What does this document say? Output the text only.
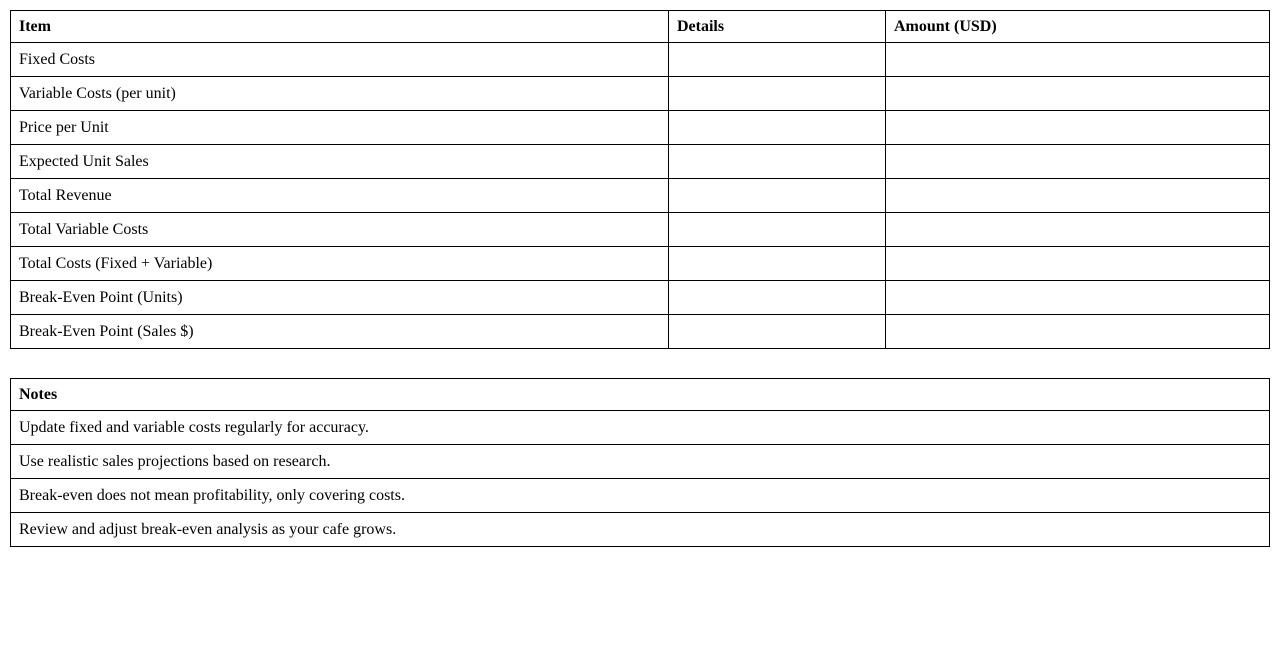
Item	Details	Amount (USD)
Fixed Costs		
Variable Costs (per unit)		
Price per Unit		
Expected Unit Sales		
Total Revenue		
Total Variable Costs		
Total Costs (Fixed + Variable)		
Break-Even Point (Units)		
Break-Even Point (Sales $)		
Notes
Update fixed and variable costs regularly for accuracy.
Use realistic sales projections based on research.
Break-even does not mean profitability, only covering costs.
Review and adjust break-even analysis as your cafe grows.
